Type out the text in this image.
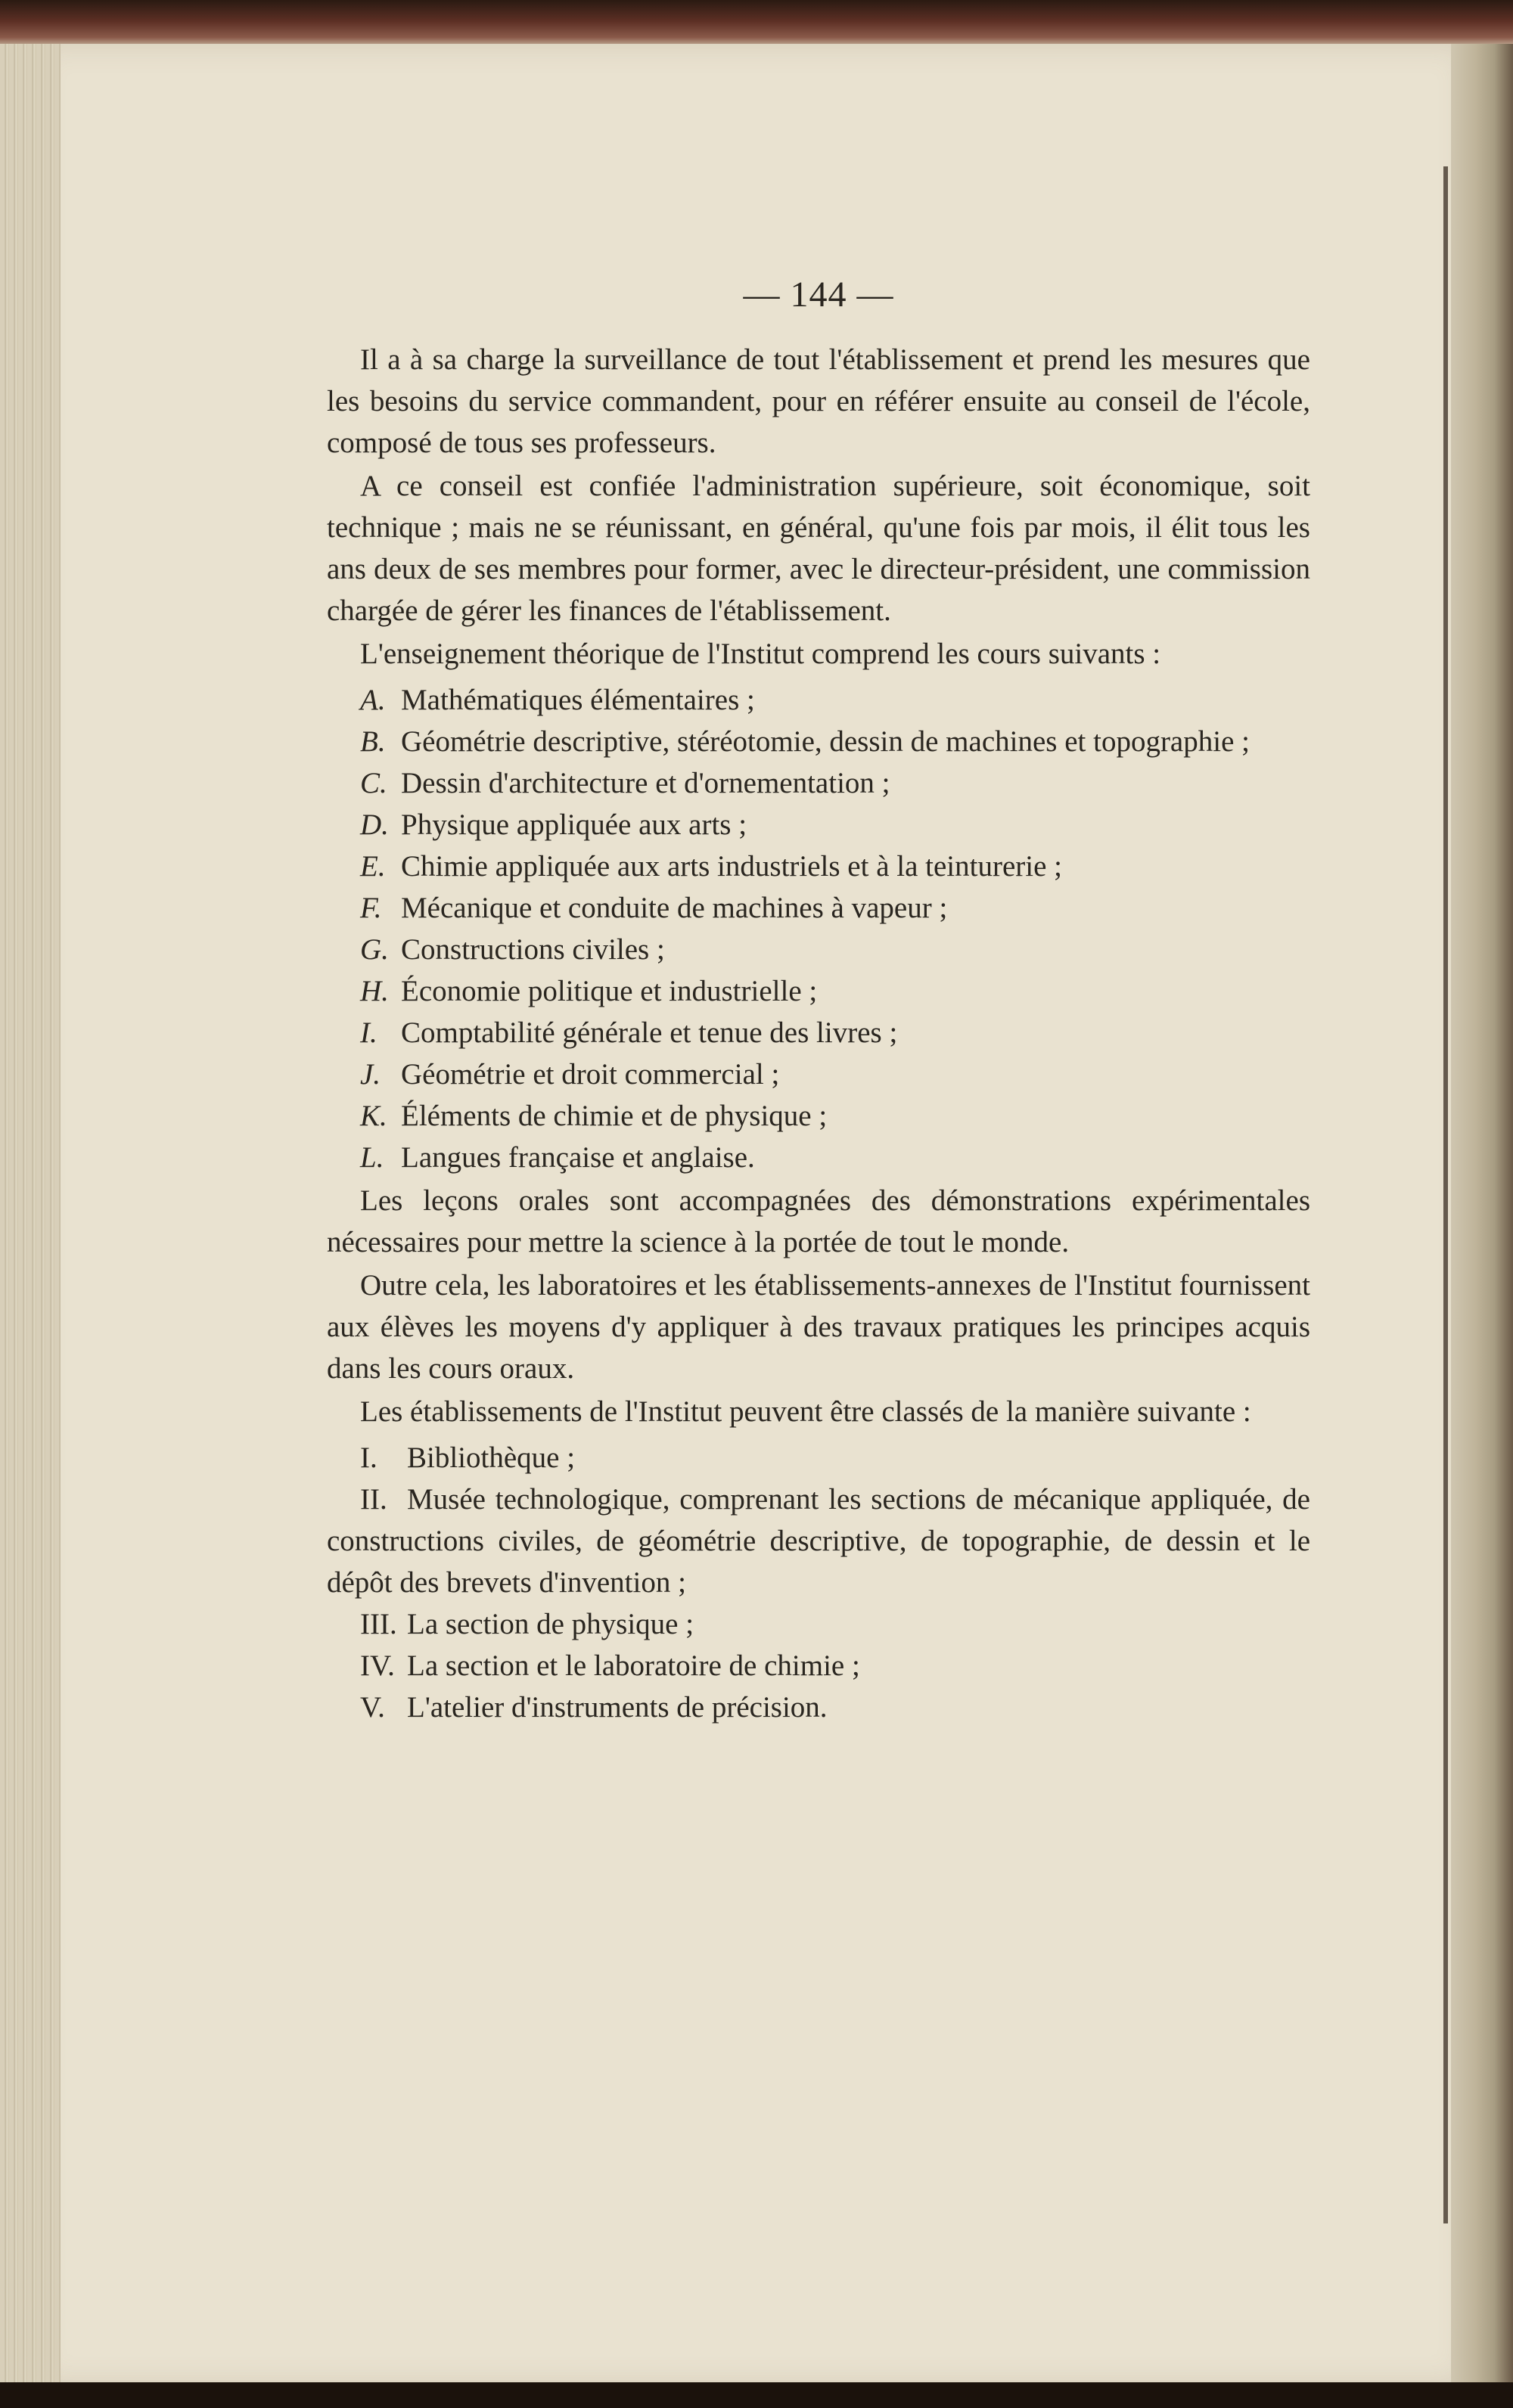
— 144 —

Il a à sa charge la surveillance de tout l'établissement et prend les mesures que les besoins du service commandent, pour en référer ensuite au conseil de l'école, composé de tous ses professeurs.

A ce conseil est confiée l'administration supérieure, soit économique, soit technique ; mais ne se réunissant, en général, qu'une fois par mois, il élit tous les ans deux de ses membres pour former, avec le directeur-président, une commission chargée de gérer les finances de l'établissement.

L'enseignement théorique de l'Institut comprend les cours suivants :

A. Mathématiques élémentaires ;
B. Géométrie descriptive, stéréotomie, dessin de machines et topographie ;
C. Dessin d'architecture et d'ornementation ;
D. Physique appliquée aux arts ;
E. Chimie appliquée aux arts industriels et à la teinturerie ;
F. Mécanique et conduite de machines à vapeur ;
G. Constructions civiles ;
H. Économie politique et industrielle ;
I. Comptabilité générale et tenue des livres ;
J. Géométrie et droit commercial ;
K. Éléments de chimie et de physique ;
L. Langues française et anglaise.

Les leçons orales sont accompagnées des démonstrations expérimentales nécessaires pour mettre la science à la portée de tout le monde.

Outre cela, les laboratoires et les établissements-annexes de l'Institut fournissent aux élèves les moyens d'y appliquer à des travaux pratiques les principes acquis dans les cours oraux.

Les établissements de l'Institut peuvent être classés de la manière suivante :

I. Bibliothèque ;
II. Musée technologique, comprenant les sections de mécanique appliquée, de constructions civiles, de géométrie descriptive, de topographie, de dessin et le dépôt des brevets d'invention ;
III. La section de physique ;
IV. La section et le laboratoire de chimie ;
V. L'atelier d'instruments de précision.
